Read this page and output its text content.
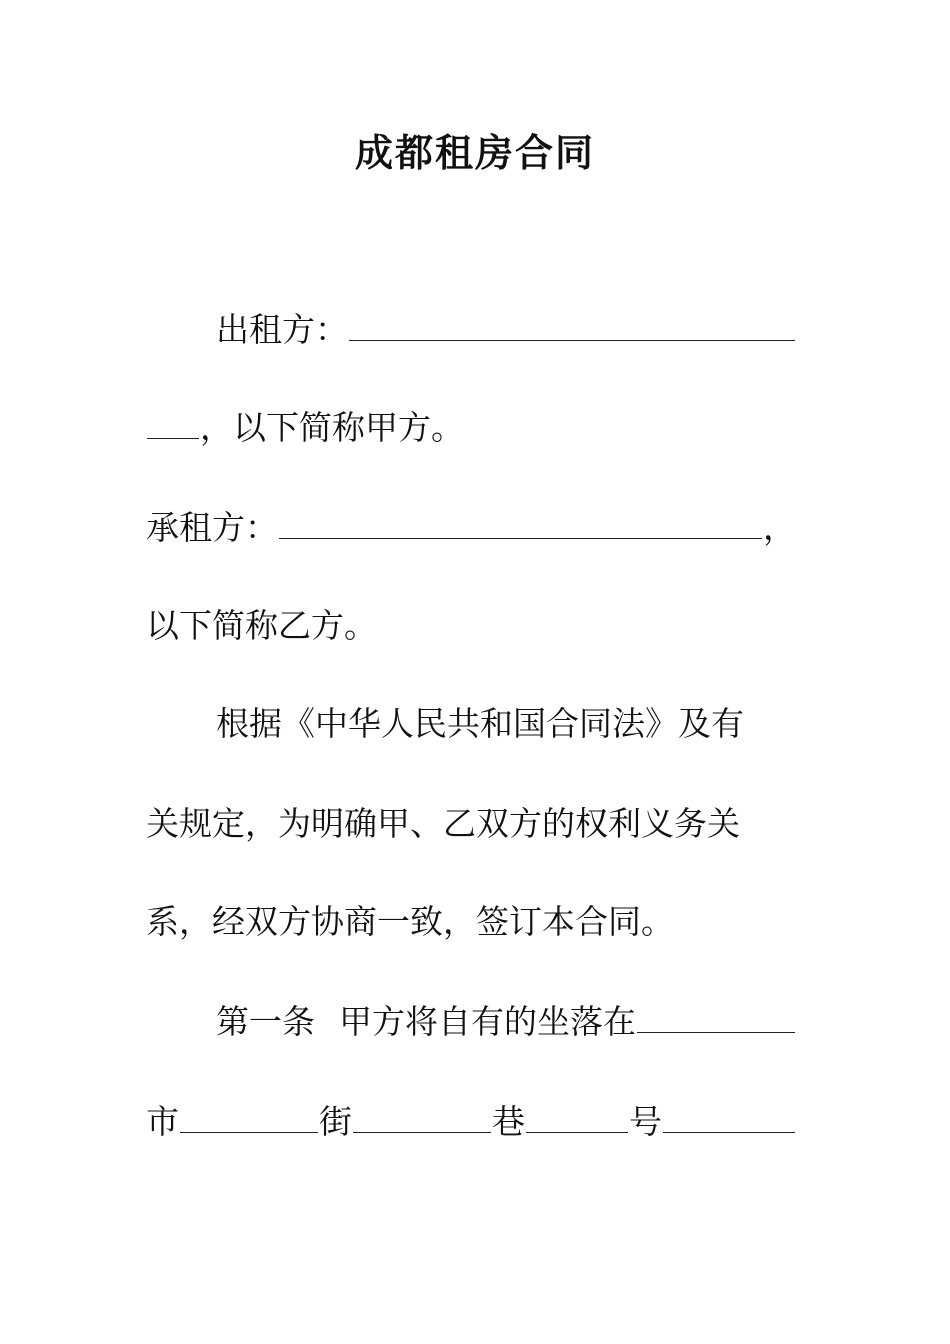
成都租房合同
出租方：
，以下简称甲方。
承租方：	，
以下简称乙方。
根据《中华人民共和国合同法》及有
关规定，为明确甲、乙双方的权利义务关
系，经双方协商一致，签订本合同。
第一条 甲方将自有的坐落在
市	街	巷	号
